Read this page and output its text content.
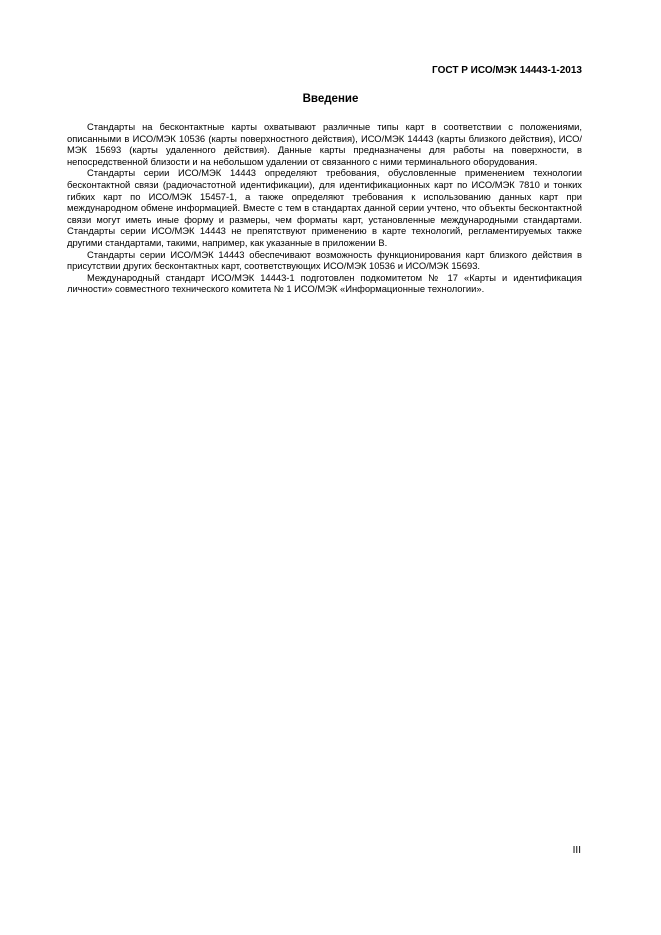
ГОСТ Р ИСО/МЭК 14443-1-2013
Введение

Стандарты на бесконтактные карты охватывают различные типы карт в соответствии с положениями, описанными в ИСО/МЭК 10536 (карты поверхностного действия), ИСО/МЭК 14443 (карты близкого действия), ИСО/МЭК 15693 (карты удаленного действия). Данные карты предназначены для работы на поверхности, в непосредственной близости и на небольшом удалении от связанного с ними терминального оборудования.

Стандарты серии ИСО/МЭК 14443 определяют требования, обусловленные применением технологии бесконтактной связи (радиочастотной идентификации), для идентификационных карт по ИСО/МЭК 7810 и тонких гибких карт по ИСО/МЭК 15457-1, а также определяют требования к использованию данных карт при международном обмене информацией. Вместе с тем в стандартах данной серии учтено, что объекты бесконтактной связи могут иметь иные форму и размеры, чем форматы карт, установленные международными стандартами. Стандарты серии ИСО/МЭК 14443 не препятствуют применению в карте технологий, регламентируемых также другими стандартами, такими, например, как указанные в приложении В.

Стандарты серии ИСО/МЭК 14443 обеспечивают возможность функционирования карт близкого действия в присутствии других бесконтактных карт, соответствующих ИСО/МЭК 10536 и ИСО/МЭК 15693.

Международный стандарт ИСО/МЭК 14443-1 подготовлен подкомитетом № 17 «Карты и идентификация личности» совместного технического комитета № 1 ИСО/МЭК «Информационные технологии».

III
